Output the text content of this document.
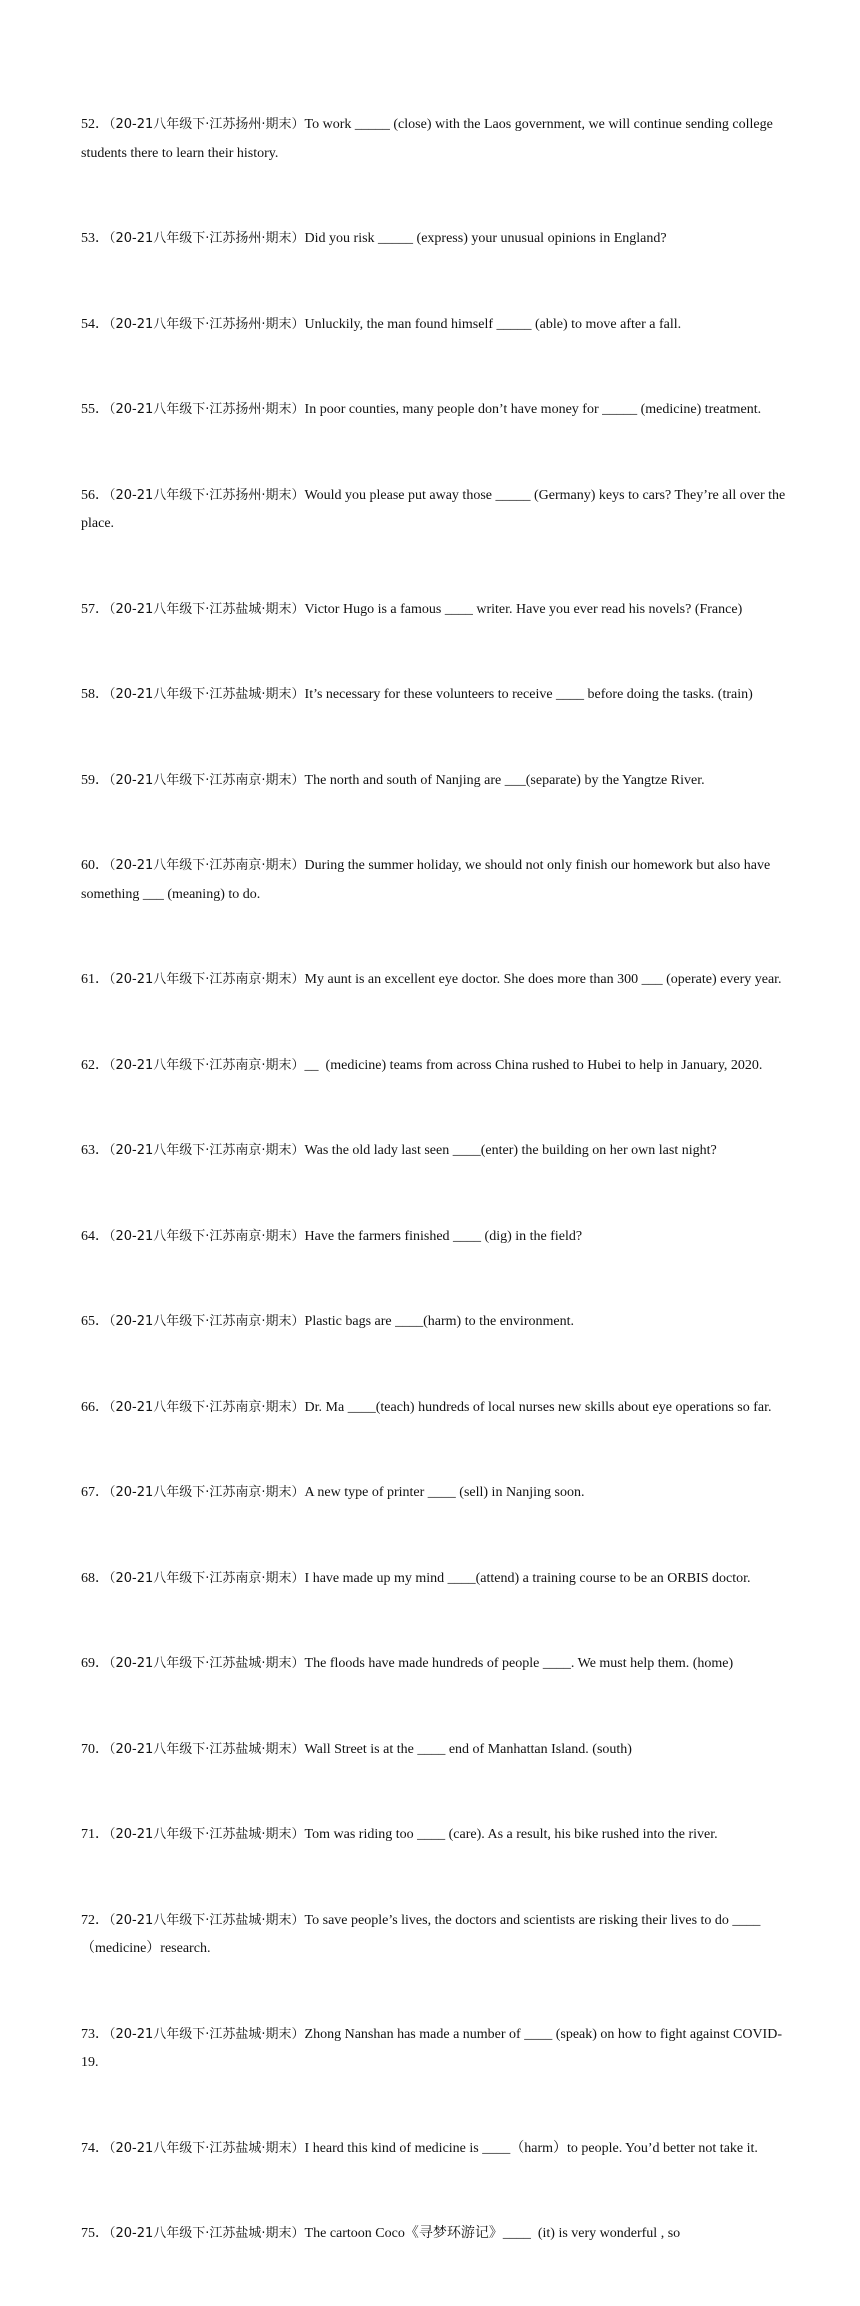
52．（20-21八年级下·江苏扬州·期末）To work _____ (close) with the Laos government, we will continue sending college students there to learn their history.

53．（20-21八年级下·江苏扬州·期末）Did you risk _____ (express) your unusual opinions in England?

54．（20-21八年级下·江苏扬州·期末）Unluckily, the man found himself _____ (able) to move after a fall.

55．（20-21八年级下·江苏扬州·期末）In poor counties, many people don’t have money for _____ (medicine) treatment.

56．（20-21八年级下·江苏扬州·期末）Would you please put away those _____ (Germany) keys to cars? They’re all over the place.

57．（20-21八年级下·江苏盐城·期末）Victor Hugo is a famous ____ writer. Have you ever read his novels? (France)

58．（20-21八年级下·江苏盐城·期末）It’s necessary for these volunteers to receive ____ before doing the tasks. (train)

59．（20-21八年级下·江苏南京·期末）The north and south of Nanjing are ___(separate) by the Yangtze River.

60．（20-21八年级下·江苏南京·期末）During the summer holiday, we should not only finish our homework but also have something ___ (meaning) to do.

61．（20-21八年级下·江苏南京·期末）My aunt is an excellent eye doctor. She does more than 300 ___ (operate) every year.

62．（20-21八年级下·江苏南京·期末）__  (medicine) teams from across China rushed to Hubei to help in January, 2020.

63．（20-21八年级下·江苏南京·期末）Was the old lady last seen ____(enter) the building on her own last night?

64．（20-21八年级下·江苏南京·期末）Have the farmers finished ____ (dig) in the field?

65．（20-21八年级下·江苏南京·期末）Plastic bags are ____(harm) to the environment.

66．（20-21八年级下·江苏南京·期末）Dr. Ma ____(teach) hundreds of local nurses new skills about eye operations so far.

67．（20-21八年级下·江苏南京·期末）A new type of printer ____ (sell) in Nanjing soon.

68．（20-21八年级下·江苏南京·期末）I have made up my mind ____(attend) a training course to be an ORBIS doctor.

69．（20-21八年级下·江苏盐城·期末）The floods have made hundreds of people ____. We must help them. (home)

70．（20-21八年级下·江苏盐城·期末）Wall Street is at the ____ end of Manhattan Island. (south)

71．（20-21八年级下·江苏盐城·期末）Tom was riding too ____ (care). As a result, his bike rushed into the river.

72．（20-21八年级下·江苏盐城·期末）To save people’s lives, the doctors and scientists are risking their lives to do ____（medicine）research.

73．（20-21八年级下·江苏盐城·期末）Zhong Nanshan has made a number of ____ (speak) on how to fight against COVID-19.

74．（20-21八年级下·江苏盐城·期末）I heard this kind of medicine is ____（harm）to people. You’d better not take it.

75．（20-21八年级下·江苏盐城·期末）The cartoon Coco《寻梦环游记》____  (it) is very wonderful , so
